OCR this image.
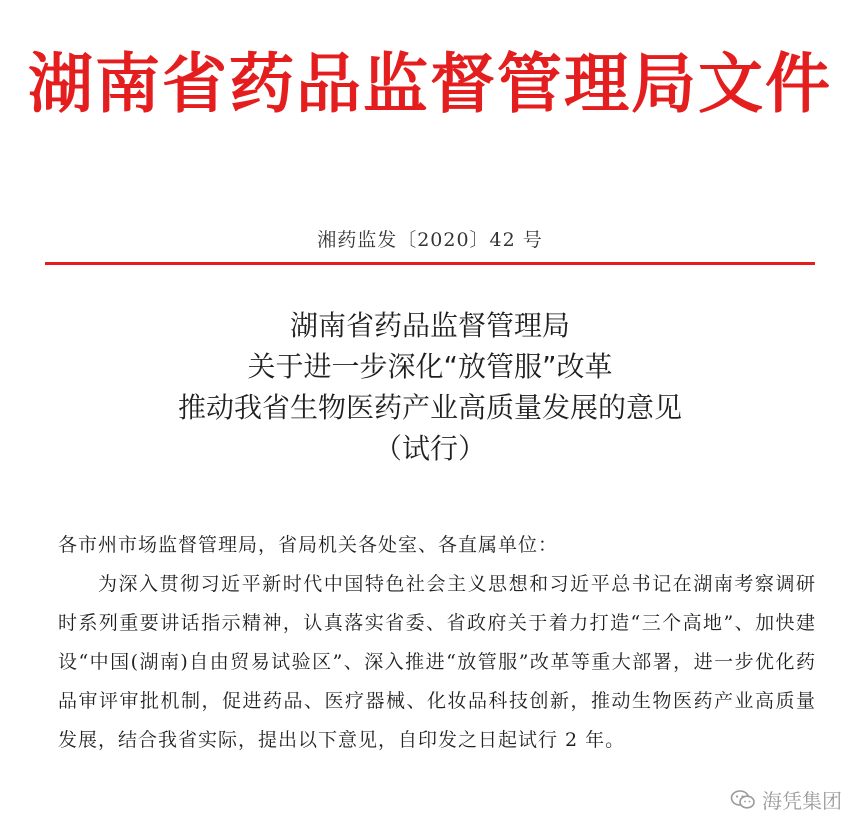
湖南省药品监督管理局文件
湘药监发〔2020〕42 号
湖南省药品监督管理局
关于进一步深化“放管服”改革
推动我省生物医药产业高质量发展的意见
（试行）
各市州市场监督管理局，省局机关各处室、各直属单位：
为深入贯彻习近平新时代中国特色社会主义思想和习近平总书记在湖南考察调研时系列重要讲话指示精神，认真落实省委、省政府关于着力打造“三个高地”、加快建设“中国(湖南)自由贸易试验区”、深入推进“放管服”改革等重大部署，进一步优化药品审评审批机制，促进药品、医疗器械、化妆品科技创新，推动生物医药产业高质量发展，结合我省实际，提出以下意见，自印发之日起试行 2 年。
海凭集团
